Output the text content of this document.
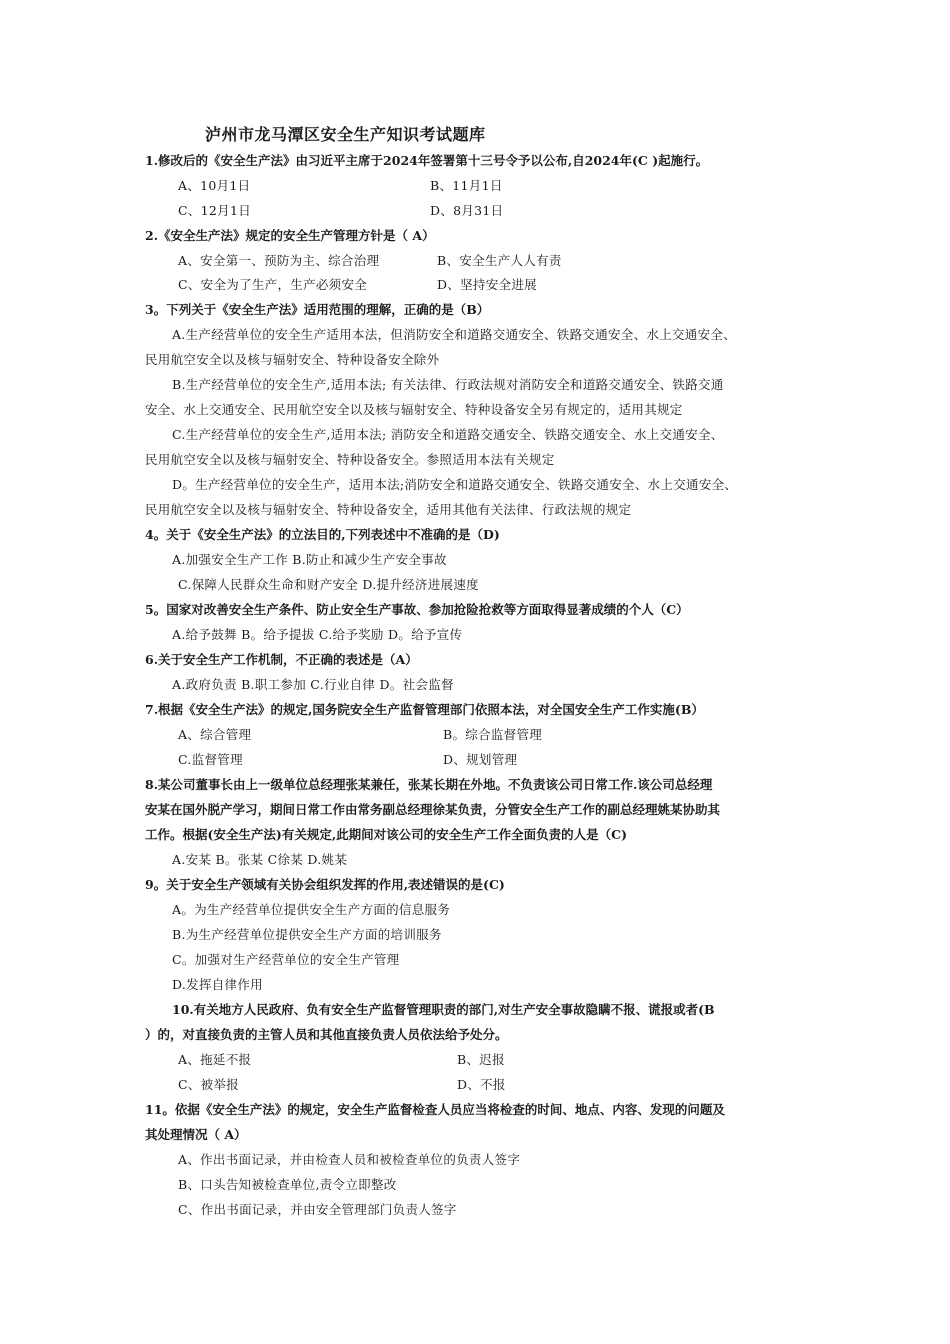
泸州市龙马潭区安全生产知识考试题库
1.修改后的《安全生产法》由习近平主席于2024年签署第十三号令予以公布,自2024年(C )起施行。
A、10月1日	B、11月1日
C、12月1日	D、8月31日
2.《安全生产法》规定的安全生产管理方针是（ A）
A、安全第一、预防为主、综合治理	B、安全生产人人有责
C、安全为了生产，生产必须安全	D、坚持安全进展
3。下列关于《安全生产法》适用范围的理解，正确的是（B）
A.生产经营单位的安全生产适用本法，但消防安全和道路交通安全、铁路交通安全、水上交通安全、
民用航空安全以及核与辐射安全、特种设备安全除外
B.生产经营单位的安全生产,适用本法; 有关法律、行政法规对消防安全和道路交通安全、铁路交通
安全、水上交通安全、民用航空安全以及核与辐射安全、特种设备安全另有规定的，适用其规定
C.生产经营单位的安全生产,适用本法; 消防安全和道路交通安全、铁路交通安全、水上交通安全、
民用航空安全以及核与辐射安全、特种设备安全。参照适用本法有关规定
D。生产经营单位的安全生产，适用本法;消防安全和道路交通安全、铁路交通安全、水上交通安全、
民用航空安全以及核与辐射安全、特种设备安全，适用其他有关法律、行政法规的规定
4。关于《安全生产法》的立法目的,下列表述中不准确的是（D)
A.加强安全生产工作 B.防止和减少生产安全事故
C.保障人民群众生命和财产安全 D.提升经济进展速度
5。国家对改善安全生产条件、防止安全生产事故、参加抢险抢救等方面取得显著成绩的个人（C）
A.给予鼓舞 B。给予提拔 C.给予奖励 D。给予宣传
6.关于安全生产工作机制，不正确的表述是（A）
A.政府负责 B.职工参加 C.行业自律 D。社会监督
7.根据《安全生产法》的规定,国务院安全生产监督管理部门依照本法，对全国安全生产工作实施(B）
A、综合管理	B。综合监督管理
C.监督管理	D、规划管理
8.某公司董事长由上一级单位总经理张某兼任，张某长期在外地。不负责该公司日常工作.该公司总经理
安某在国外脱产学习，期间日常工作由常务副总经理徐某负责，分管安全生产工作的副总经理姚某协助其
工作。根据(安全生产法)有关规定,此期间对该公司的安全生产工作全面负责的人是（C)
A.安某 B。张某 C徐某 D.姚某
9。关于安全生产领域有关协会组织发挥的作用,表述错误的是(C)
A。为生产经营单位提供安全生产方面的信息服务
B.为生产经营单位提供安全生产方面的培训服务
C。加强对生产经营单位的安全生产管理
D.发挥自律作用
10.有关地方人民政府、负有安全生产监督管理职责的部门,对生产安全事故隐瞒不报、谎报或者(B
）的，对直接负责的主管人员和其他直接负责人员依法给予处分。
A、拖延不报	B、迟报
C、被举报	D、不报
11。依据《安全生产法》的规定，安全生产监督检查人员应当将检查的时间、地点、内容、发现的问题及
其处理情况（ A）
A、作出书面记录，并由检查人员和被检查单位的负责人签字
B、口头告知被检查单位,责令立即整改
C、作出书面记录，并由安全管理部门负责人签字
